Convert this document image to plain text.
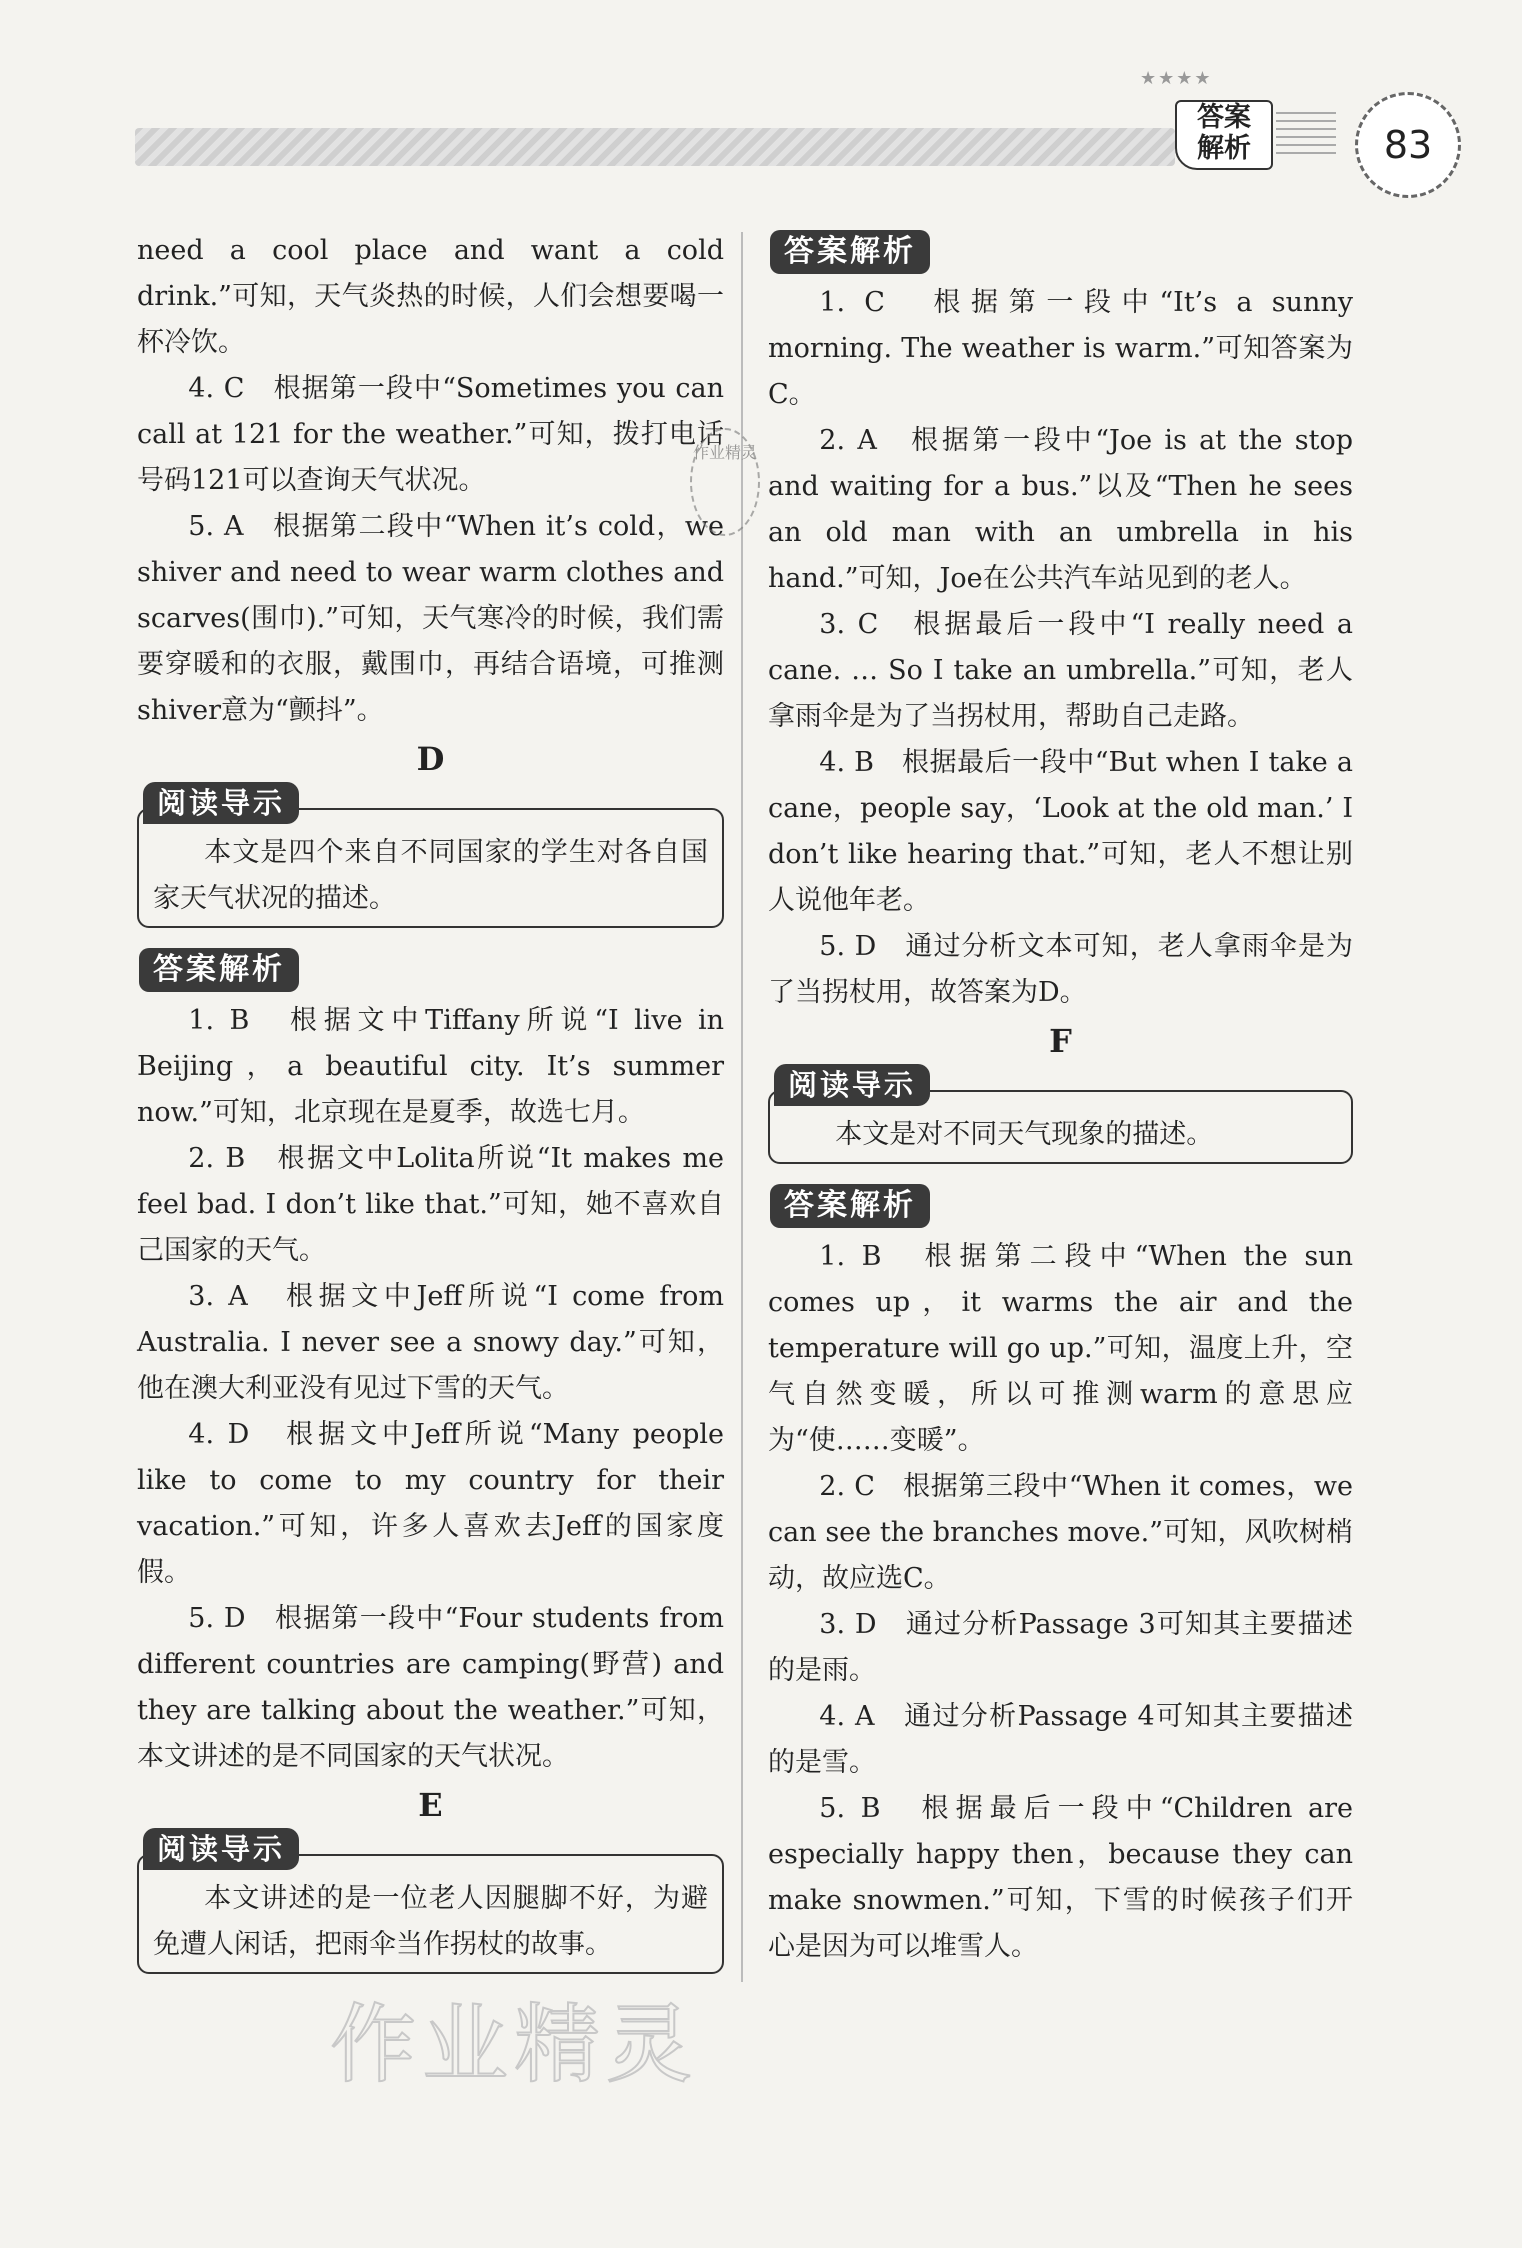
★★★★
答案
解析	83

need a cool place and want a cold drink.”可知，天气炎热的时候，人们会想要喝一杯冷饮。

4. C　根据第一段中“Sometimes you can call at 121 for the weather.”可知，拨打电话号码121可以查询天气状况。

5. A　根据第二段中“When it’s cold，we shiver and need to wear warm clothes and scarves(围巾).”可知，天气寒冷的时候，我们需要穿暖和的衣服，戴围巾，再结合语境，可推测shiver意为“颤抖”。

D
阅读导示

本文是四个来自不同国家的学生对各自国家天气状况的描述。

答案解析

1. B　根据文中Tiffany所说“I live in Beijing，a beautiful city. It’s summer now.”可知，北京现在是夏季，故选七月。

2. B　根据文中Lolita所说“It makes me feel bad. I don’t like that.”可知，她不喜欢自己国家的天气。

3. A　根据文中Jeff所说“I come from Australia. I never see a snowy day.”可知，他在澳大利亚没有见过下雪的天气。

4. D　根据文中Jeff所说“Many people like to come to my country for their vacation.”可知，许多人喜欢去Jeff的国家度假。

5. D　根据第一段中“Four students from different countries are camping(野营) and they are talking about the weather.”可知，本文讲述的是不同国家的天气状况。

E
阅读导示

本文讲述的是一位老人因腿脚不好，为避免遭人闲话，把雨伞当作拐杖的故事。

答案解析

1. C　根据第一段中“It’s a sunny morning. The weather is warm.”可知答案为C。

2. A　根据第一段中“Joe is at the stop and waiting for a bus.”以及“Then he sees an old man with an umbrella in his hand.”可知，Joe在公共汽车站见到的老人。

3. C　根据最后一段中“I really need a cane. … So I take an umbrella.”可知，老人拿雨伞是为了当拐杖用，帮助自己走路。

4. B　根据最后一段中“But when I take a cane，people say，‘Look at the old man.’ I don’t like hearing that.”可知，老人不想让别人说他年老。

5. D　通过分析文本可知，老人拿雨伞是为了当拐杖用，故答案为D。

F
阅读导示

本文是对不同天气现象的描述。

答案解析

1. B　根据第二段中“When the sun comes up，it warms the air and the temperature will go up.”可知，温度上升，空气自然变暖，所以可推测warm的意思应为“使……变暖”。

2. C　根据第三段中“When it comes，we can see the branches move.”可知，风吹树梢动，故应选C。

3. D　通过分析Passage 3可知其主要描述的是雨。

4. A　通过分析Passage 4可知其主要描述的是雪。

5. B　根据最后一段中“Children are especially happy then，because they can make snowmen.”可知，下雪的时候孩子们开心是因为可以堆雪人。

作业精灵
作业精灵
